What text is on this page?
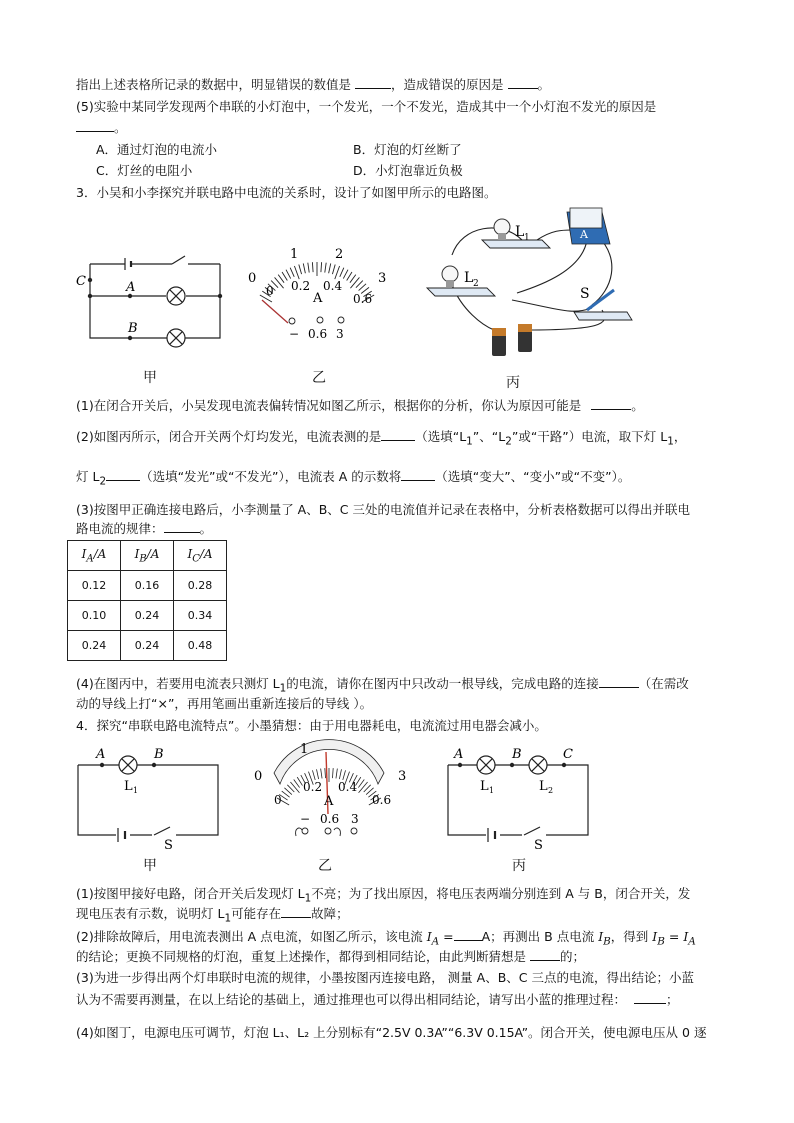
指出上述表格所记录的数据中，明显错误的数值是	，造成错误的原因是	。
(5)实验中某同学发现两个串联的小灯泡中，一个发光，一个不发光，造成其中一个小灯泡不发光的原因是
。
A．通过灯泡的电流小	B．灯泡的灯丝断了
C．灯丝的电阻小	D．小灯泡靠近负极
3．小吴和小李探究并联电路中电流的关系时，设计了如图甲所示的电路图。
C	A
B
0
1	2
3
0 0.2 0.4
0.6
A
− 0.6 3
L 1
L 2
A
S
甲	乙	丙
(1)在闭合开关后，小吴发现电流表偏转情况如图乙所示，根据你的分析，你认为原因可能是	。
(2)如图丙所示，闭合开关两个灯均发光，电流表测的是	（选填“$L_1$”、“$L_2$”或“干路”）电流，取下灯 $L_1$，
灯 $L_2$	（选填“发光”或“不发光”），电流表 A 的示数将	（选填“变大”、“变小”或“不变”）。
(3)按图甲正确连接电路后，小李测量了 A、B、C 三处的电流值并记录在表格中，分析表格数据可以得出并联电
路电流的规律：	。
$I_A/A$	$I_B/A$	$I_C/A$
0.12	0.16	0.28
0.10	0.24	0.34
0.24	0.24	0.48
(4)在图丙中，若要用电流表只测灯 $L_1$的电流，请你在图丙中只改动一根导线，完成电路的连接	（在需改
动的导线上打“×”，再用笔画出重新连接后的导线 ）。
4．探究“串联电路电流特点”。小墨猜想：由于用电器耗电，电流流过用电器会减小。
A	B
L 1
S
0
1
3
0
0.2 0.4
0.6
A
− 0.6 3
A	B	C
L 1	L 2
S
甲	乙	丙
(1)按图甲接好电路，闭合开关后发现灯 $L_1$不亮；为了找出原因，将电压表两端分别连到 A 与 B，闭合开关，发
现电压表有示数，说明灯 $L_1$可能存在 故障；
(2)排除故障后，用电流表测出 A 点电流，如图乙所示，该电流 $I_A = A$；再测出 B 点电流 $I_B$，得到 $I_B = I_A$
的结论；更换不同规格的灯泡，重复上述操作，都得到相同结论，由此判断猜想是	的；
(3)为进一步得出两个灯串联时电流的规律，小墨按图丙连接电路， 测量 A、B、C 三点的电流，得出结论；小蓝
认为不需要再测量，在以上结论的基础上，通过推理也可以得出相同结论，请写出小蓝的推理过程：	；
(4)如图丁，电源电压可调节，灯泡 L₁、L₂ 上分别标有“2.5V 0.3A”“6.3V 0.15A”。闭合开关，使电源电压从 0 逐
